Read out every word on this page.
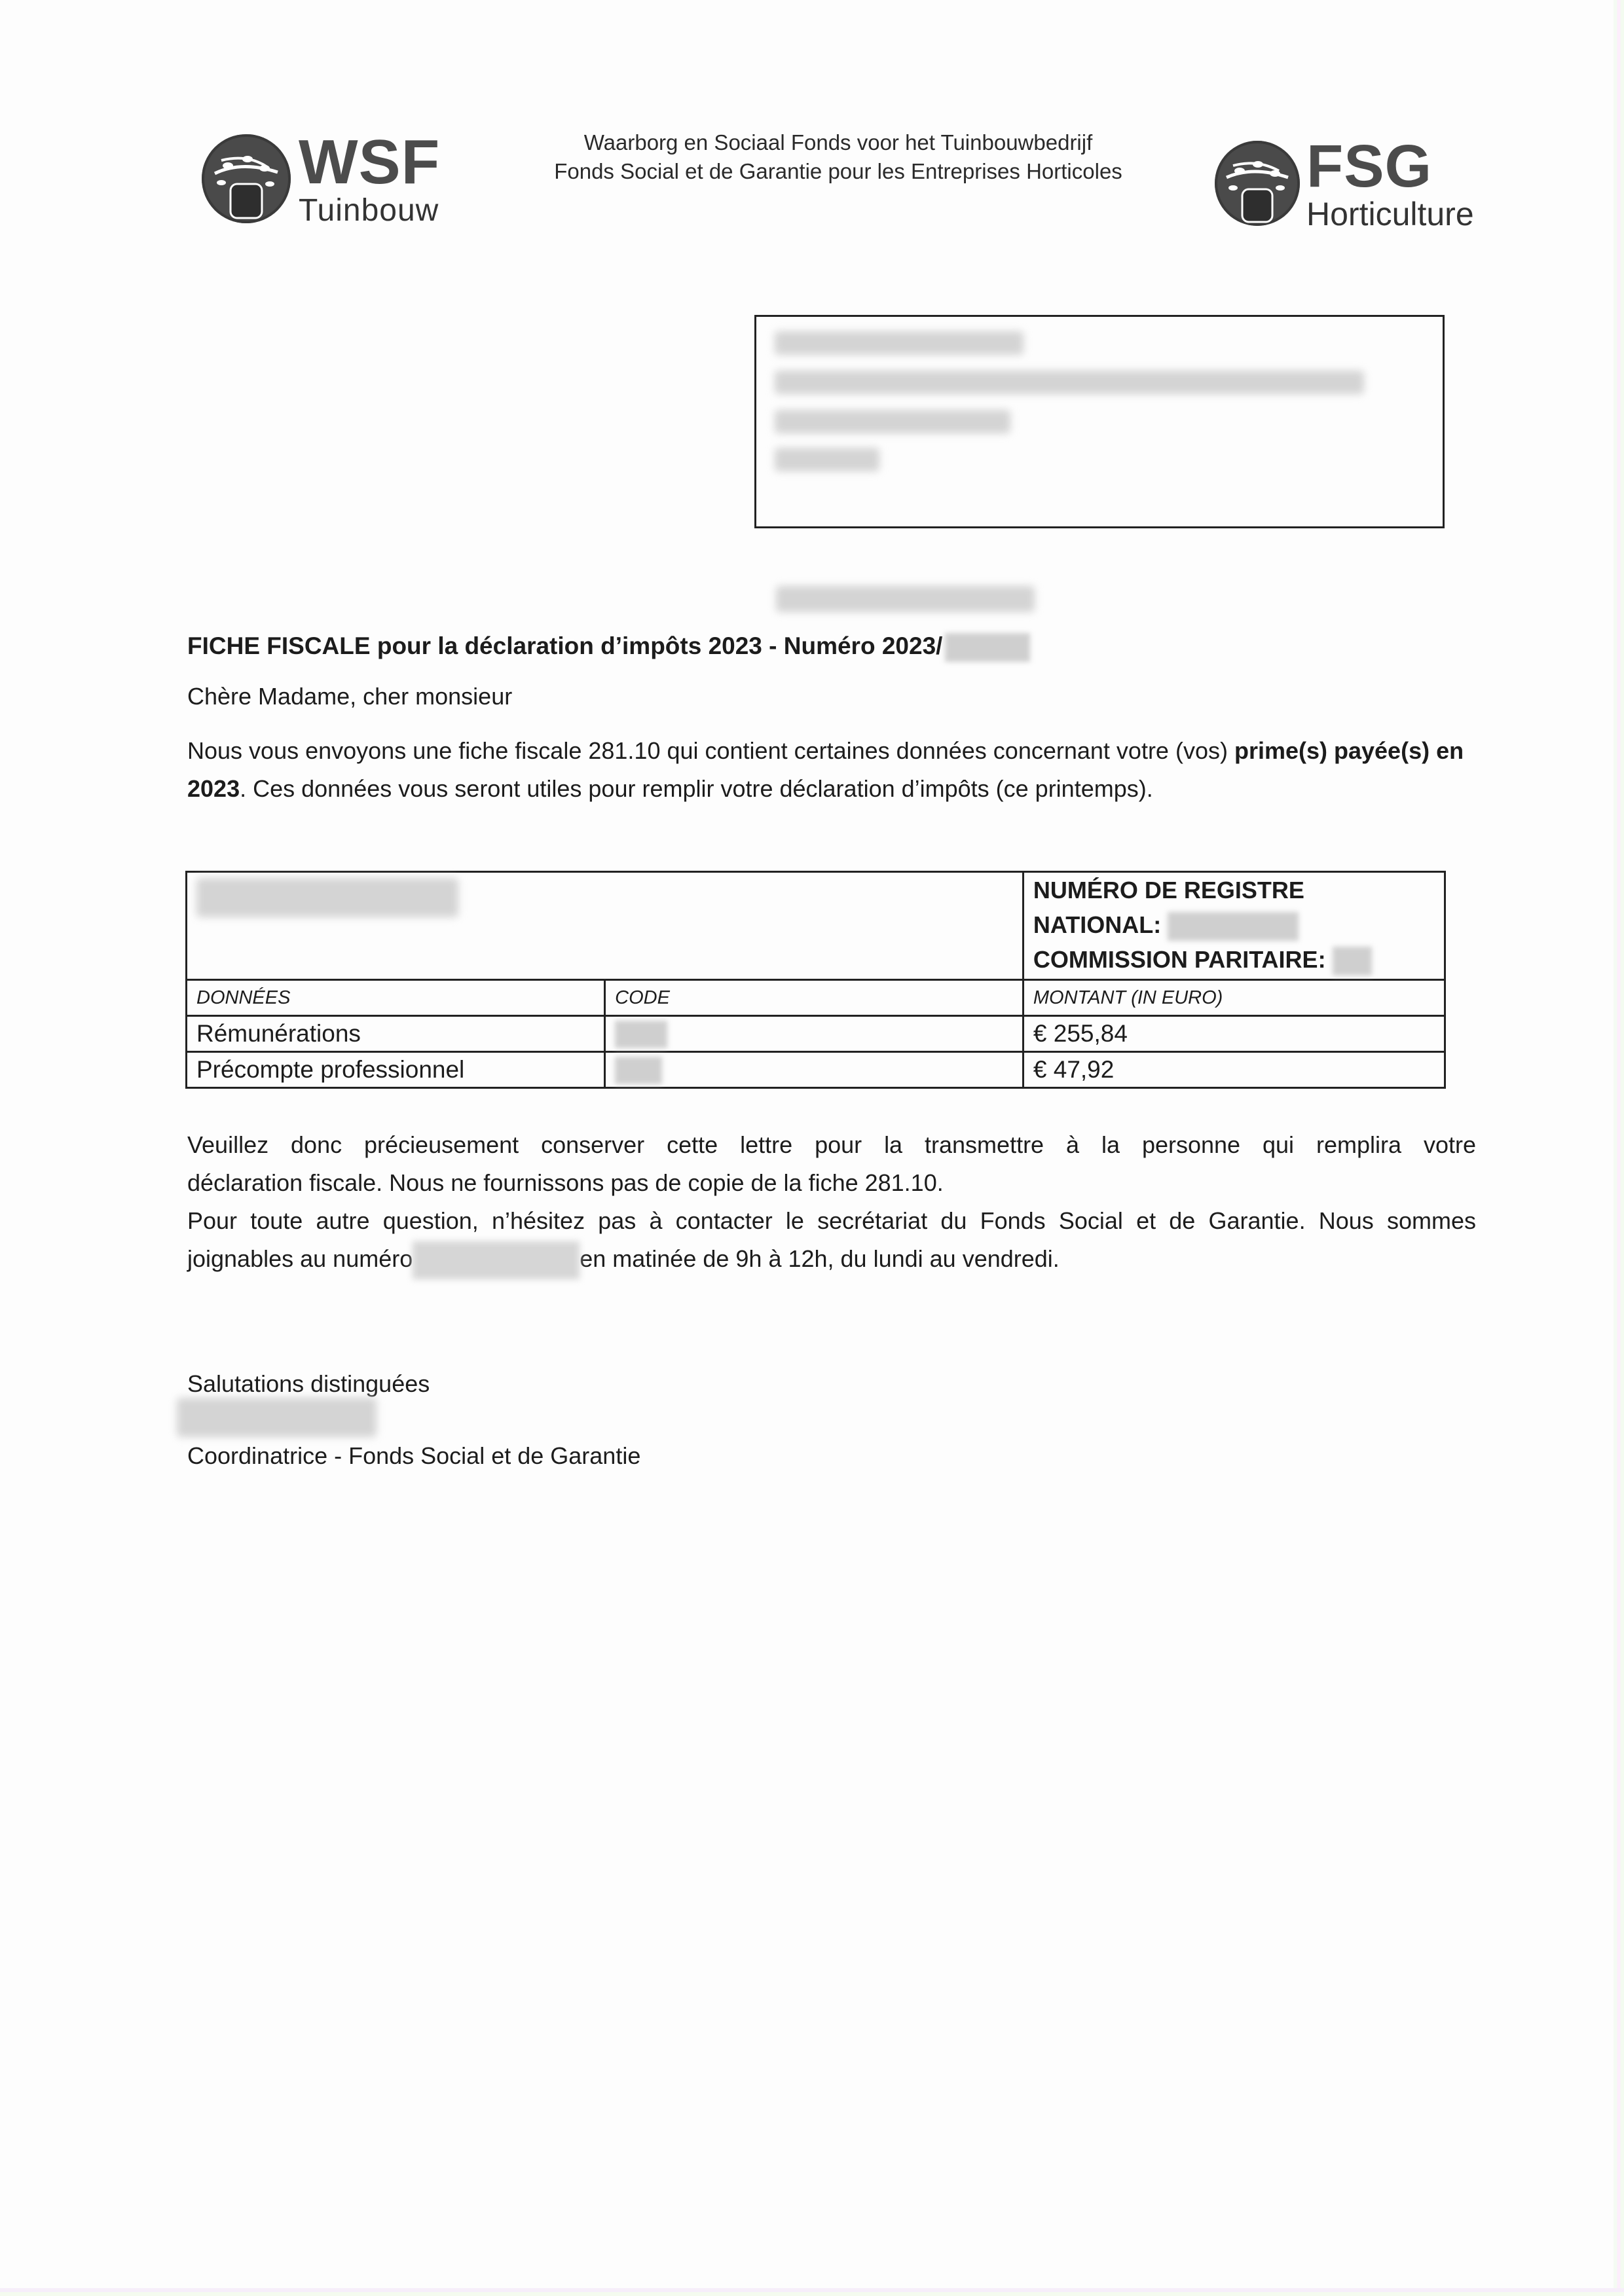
WSF
Tuinbouw
Waarborg en Sociaal Fonds voor het Tuinbouwbedrijf
Fonds Social et de Garantie pour les Entreprises Horticoles	FSG
Horticulture
FICHE FISCALE pour la déclaration d’impôts 2023 - Numéro 2023/
Chère Madame, cher monsieur
Nous vous envoyons une fiche fiscale 281.10 qui contient certaines données concernant votre (vos) prime(s) payée(s) en 2023. Ces données vous seront utiles pour remplir votre déclaration d’impôts (ce printemps).

		NUMÉRO DE REGISTRE
NATIONAL:
COMMISSION PARITAIRE:

DONNÉES	CODE	MONTANT (IN EURO)
Rémunérations		€ 255,84
Précompte professionnel		€ 47,92
Veuillez donc précieusement conserver cette lettre pour la transmettre à la personne qui remplira votre
déclaration fiscale. Nous ne fournissons pas de copie de la fiche 281.10.
Pour toute autre question, n’hésitez pas à contacter le secrétariat du Fonds Social et de Garantie. Nous sommes
joignables au numéro	en matinée de 9h à 12h, du lundi au vendredi.
Salutations distinguées
Coordinatrice - Fonds Social et de Garantie
